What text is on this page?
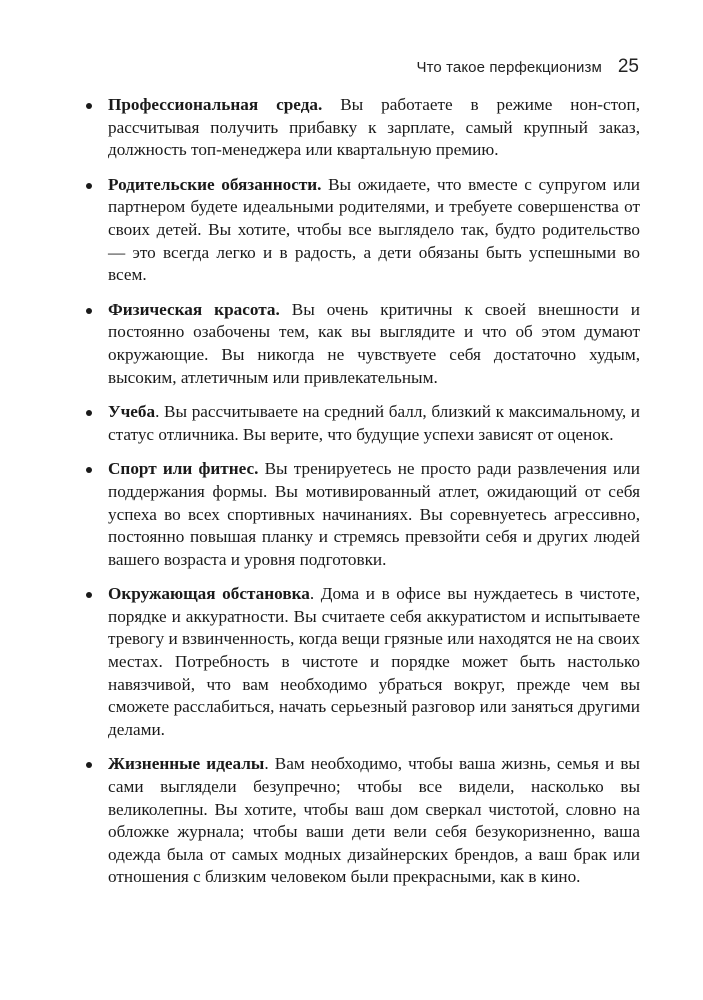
Что такое перфекционизм 25
Профессиональная среда. Вы работаете в режиме нон-стоп, рассчитывая получить прибавку к зарплате, самый крупный заказ, должность топ-менеджера или квартальную премию.
Родительские обязанности. Вы ожидаете, что вместе с супругом или партнером будете идеальными родителями, и требуете совершенства от своих детей. Вы хотите, чтобы все выглядело так, будто родительство — это всегда легко и в радость, а дети обязаны быть успешными во всем.
Физическая красота. Вы очень критичны к своей внешности и постоянно озабочены тем, как вы выглядите и что об этом думают окружающие. Вы никогда не чувствуете себя достаточно худым, высоким, атлетичным или привлекательным.
Учеба. Вы рассчитываете на средний балл, близкий к максимальному, и статус отличника. Вы верите, что будущие успехи зависят от оценок.
Спорт или фитнес. Вы тренируетесь не просто ради развлечения или поддержания формы. Вы мотивированный атлет, ожидающий от себя успеха во всех спортивных начинаниях. Вы соревнуетесь агрессивно, постоянно повышая планку и стремясь превзойти себя и других людей вашего возраста и уровня подготовки.
Окружающая обстановка. Дома и в офисе вы нуждаетесь в чистоте, порядке и аккуратности. Вы считаете себя аккуратистом и испытываете тревогу и взвинченность, когда вещи грязные или находятся не на своих местах. Потребность в чистоте и порядке может быть настолько навязчивой, что вам необходимо убраться вокруг, прежде чем вы сможете расслабиться, начать серьезный разговор или заняться другими делами.
Жизненные идеалы. Вам необходимо, чтобы ваша жизнь, семья и вы сами выглядели безупречно; чтобы все видели, насколько вы великолепны. Вы хотите, чтобы ваш дом сверкал чистотой, словно на обложке журнала; чтобы ваши дети вели себя безукоризненно, ваша одежда была от самых модных дизайнерских брендов, а ваш брак или отношения с близким человеком были прекрасными, как в кино.
